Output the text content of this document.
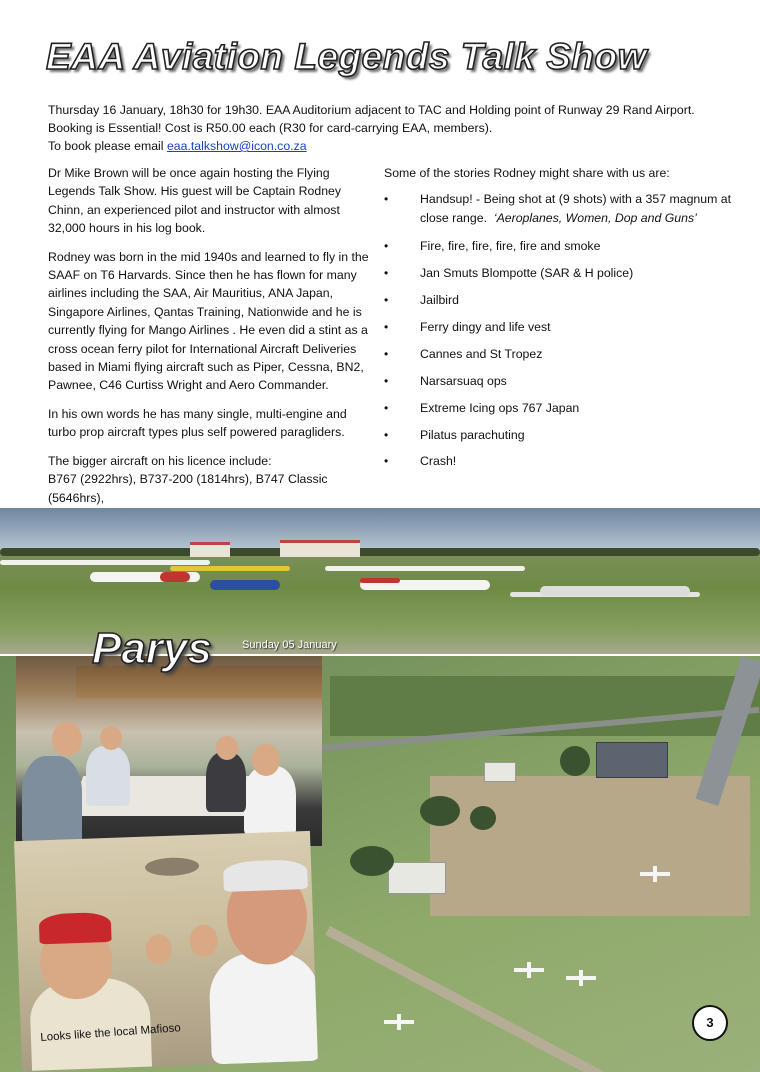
EAA Aviation Legends Talk Show

Thursday 16 January, 18h30 for 19h30. EAA Auditorium adjacent to TAC and Holding point of Runway 29 Rand Airport.

Booking is Essential! Cost is R50.00 each (R30 for card-carrying EAA, members).

To book please email eaa.talkshow@icon.co.za

Dr Mike Brown will be once again hosting the Flying Legends Talk Show. His guest will be Captain Rodney Chinn, an experienced pilot and instructor with almost 32,000 hours in his log book.

Rodney was born in the mid 1940s and learned to fly in the SAAF on T6 Harvards. Since then he has flown for many airlines including the SAA, Air Mauritius, ANA Japan, Singapore Airlines, Qantas Training, Nationwide and he is currently flying for Mango Airlines . He even did a stint as a cross ocean ferry pilot for International Aircraft Deliveries based in Miami flying aircraft such as Piper, Cessna, BN2, Pawnee, C46 Curtiss Wright and Aero Commander.

In his own words he has many single, multi-engine and turbo prop aircraft types plus self powered paragliders.

The bigger aircraft on his licence include:
B767 (2922hrs), B737-200 (1814hrs), B747 Classic (5646hrs),

Some of the stories Rodney might share with us are:

•	Handsup! - Being shot at (9 shots) with a 357 magnum at close range. ‘Aeroplanes, Women, Dop and Guns’
•	Fire, fire, fire, fire, fire and smoke
•	Jan Smuts Blompotte (SAR & H police)
•	Jailbird
•	Ferry dingy and life vest
•	Cannes and St Tropez
•	Narsarsuaq ops
•	Extreme Icing ops 767 Japan
•	Pilatus parachuting
•	Crash!
Parys	Sunday 05 January
Looks like the local Mafioso	3
